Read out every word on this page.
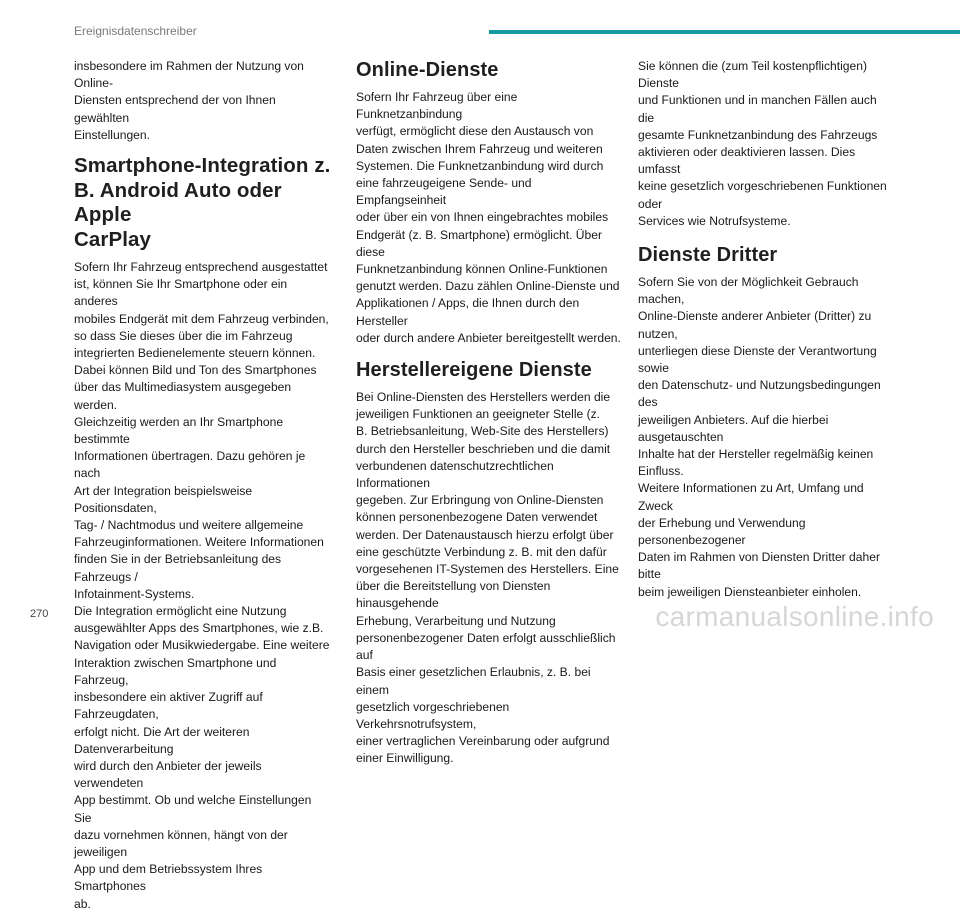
Ereignisdatenschreiber

insbesondere im Rahmen der Nutzung von Online-
Diensten entsprechend der von Ihnen gewählten
Einstellungen.

Smartphone-Integration z.
B. Android Auto oder Apple
CarPlay

Sofern Ihr Fahrzeug entsprechend ausgestattet
ist, können Sie Ihr Smartphone oder ein anderes
mobiles Endgerät mit dem Fahrzeug verbinden,
so dass Sie dieses über die im Fahrzeug
integrierten Bedienelemente steuern können.
Dabei können Bild und Ton des Smartphones
über das Multimediasystem ausgegeben werden.
Gleichzeitig werden an Ihr Smartphone bestimmte
Informationen übertragen. Dazu gehören je nach
Art der Integration beispielsweise Positionsdaten,
Tag- / Nachtmodus und weitere allgemeine
Fahrzeuginformationen. Weitere Informationen
finden Sie in der Betriebsanleitung des Fahrzeugs /
Infotainment-Systems.
Die Integration ermöglicht eine Nutzung
ausgewählter Apps des Smartphones, wie z.B.
Navigation oder Musikwiedergabe. Eine weitere
Interaktion zwischen Smartphone und Fahrzeug,
insbesondere ein aktiver Zugriff auf Fahrzeugdaten,
erfolgt nicht. Die Art der weiteren Datenverarbeitung
wird durch den Anbieter der jeweils verwendeten
App bestimmt. Ob und welche Einstellungen Sie
dazu vornehmen können, hängt von der jeweiligen
App und dem Betriebssystem Ihres Smartphones
ab.

Online-Dienste

Sofern Ihr Fahrzeug über eine Funknetzanbindung
verfügt, ermöglicht diese den Austausch von
Daten zwischen Ihrem Fahrzeug und weiteren
Systemen. Die Funknetzanbindung wird durch
eine fahrzeugeigene Sende- und Empfangseinheit
oder über ein von Ihnen eingebrachtes mobiles
Endgerät (z. B. Smartphone) ermöglicht. Über diese
Funknetzanbindung können Online-Funktionen
genutzt werden. Dazu zählen Online-Dienste und
Applikationen / Apps, die Ihnen durch den Hersteller
oder durch andere Anbieter bereitgestellt werden.

Herstellereigene Dienste

Bei Online-Diensten des Herstellers werden die
jeweiligen Funktionen an geeigneter Stelle (z.
B. Betriebsanleitung, Web-Site des Herstellers)
durch den Hersteller beschrieben und die damit
verbundenen datenschutzrechtlichen Informationen
gegeben. Zur Erbringung von Online-Diensten
können personenbezogene Daten verwendet
werden. Der Datenaustausch hierzu erfolgt über
eine geschützte Verbindung z. B. mit den dafür
vorgesehenen IT-Systemen des Herstellers. Eine
über die Bereitstellung von Diensten hinausgehende
Erhebung, Verarbeitung und Nutzung
personenbezogener Daten erfolgt ausschließlich auf
Basis einer gesetzlichen Erlaubnis, z. B. bei einem
gesetzlich vorgeschriebenen Verkehrsnotrufsystem,
einer vertraglichen Vereinbarung oder aufgrund
einer Einwilligung.

Sie können die (zum Teil kostenpflichtigen) Dienste
und Funktionen und in manchen Fällen auch die
gesamte Funknetzanbindung des Fahrzeugs
aktivieren oder deaktivieren lassen. Dies umfasst
keine gesetzlich vorgeschriebenen Funktionen oder
Services wie Notrufsysteme.

Dienste Dritter

Sofern Sie von der Möglichkeit Gebrauch machen,
Online-Dienste anderer Anbieter (Dritter) zu nutzen,
unterliegen diese Dienste der Verantwortung sowie
den Datenschutz- und Nutzungsbedingungen des
jeweiligen Anbieters. Auf die hierbei ausgetauschten
Inhalte hat der Hersteller regelmäßig keinen
Einfluss.
Weitere Informationen zu Art, Umfang und Zweck
der Erhebung und Verwendung personenbezogener
Daten im Rahmen von Diensten Dritter daher bitte
beim jeweiligen Diensteanbieter einholen.

270	carmanualsonline.info
